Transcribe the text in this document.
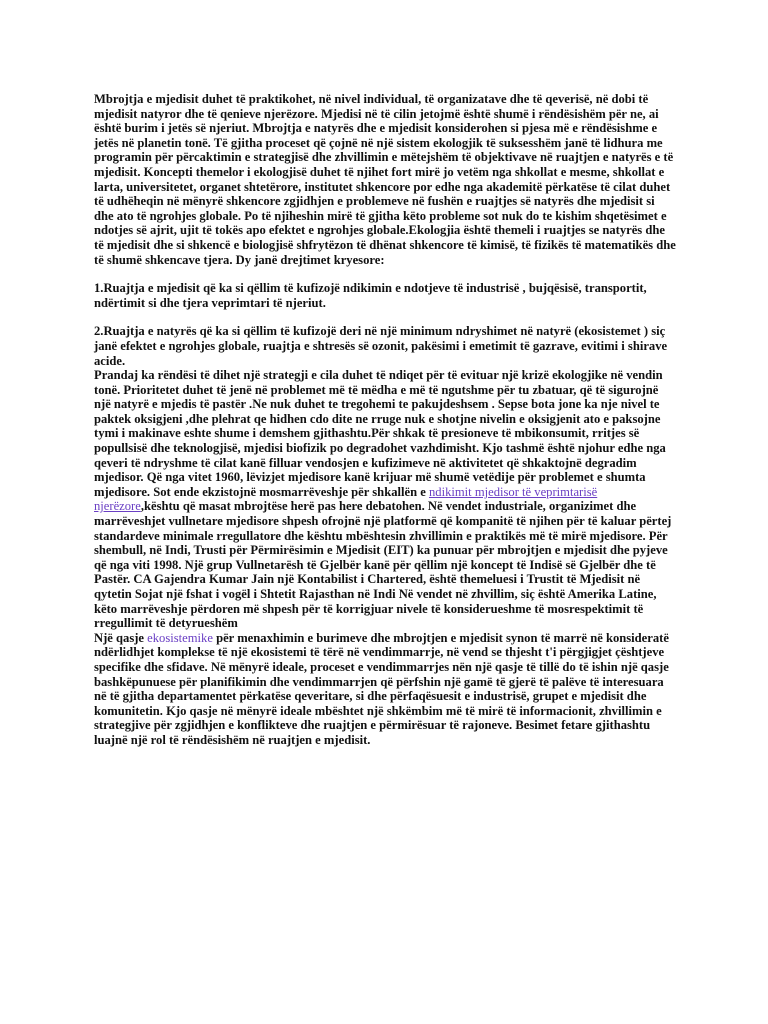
Mbrojtja e mjedisit duhet të praktikohet, në nivel individual, të organizatave dhe të qeverisë, në dobi të mjedisit natyror dhe të qenieve njerëzore. Mjedisi në të cilin jetojmë është shumë i rëndësishëm për ne, ai është burim i jetës së njeriut. Mbrojtja e natyrës dhe e mjedisit konsiderohen si pjesa më e rëndësishme e jetës në planetin tonë. Të gjitha proceset që çojnë në një sistem ekologjik të suksesshëm janë të lidhura me programin për përcaktimin e strategjisë dhe zhvillimin e mëtejshëm të objektivave në ruajtjen e natyrës e të mjedisit. Koncepti themelor i ekologjisë duhet të njihet fort mirë jo vetëm nga shkollat e mesme, shkollat e larta, universitetet, organet shtetërore, institutet shkencore por edhe nga akademitë përkatëse të cilat duhet të udhëheqin në mënyrë shkencore zgjidhjen e problemeve në fushën e ruajtjes së natyrës dhe mjedisit si dhe ato të ngrohjes globale. Po të njiheshin mirë të gjitha këto probleme sot nuk do te kishim shqetësimet e ndotjes së ajrit, ujit të tokës apo efektet e ngrohjes globale.Ekologjia është themeli i ruajtjes se natyrës dhe të mjedisit dhe si shkencë e biologjisë shfrytëzon të dhënat shkencore të kimisë, të fizikës të matematikës dhe të shumë shkencave tjera. Dy janë drejtimet kryesore:

1.Ruajtja e mjedisit që ka si qëllim të kufizojë ndikimin e ndotjeve të industrisë , bujqësisë, transportit, ndërtimit si dhe tjera veprimtari të njeriut.

2.Ruajtja e natyrës që ka si qëllim të kufizojë deri në një minimum ndryshimet në natyrë (ekosistemet ) siç janë efektet e ngrohjes globale, ruajtja e shtresës së ozonit, pakësimi i emetimit të gazrave, evitimi i shirave acide.

Prandaj ka rëndësi të dihet një strategji e cila duhet të ndiqet për të evituar një krizë ekologjike në vendin tonë. Prioritetet duhet të jenë në problemet më të mëdha e më të ngutshme për tu zbatuar, që të sigurojnë një natyrë e mjedis të pastër .Ne nuk duhet te tregohemi te pakujdeshsem . Sepse bota jone ka nje nivel te paktek oksigjeni ,dhe plehrat qe hidhen cdo dite ne rruge nuk e shotjne nivelin e oksigjenit ato e paksojne tymi i makinave eshte shume i demshem gjithashtu.Për shkak të presioneve të mbikonsumit, rritjes së popullsisë dhe teknologjisë, mjedisi biofizik po degradohet vazhdimisht. Kjo tashmë është njohur edhe nga qeveri të ndryshme të cilat kanë filluar vendosjen e kufizimeve në aktivitetet që shkaktojnë degradim mjedisor. Që nga vitet 1960, lëvizjet mjedisore kanë krijuar më shumë vetëdije për problemet e shumta mjedisore. Sot ende ekzistojnë mosmarrëveshje për shkallën e ndikimit mjedisor të veprimtarisë njerëzore,kështu që masat mbrojtëse herë pas here debatohen. Në vendet industriale, organizimet dhe marrëveshjet vullnetare mjedisore shpesh ofrojnë një platformë që kompanitë të njihen për të kaluar përtej standardeve minimale rregullatore dhe kështu mbështesin zhvillimin e praktikës më të mirë mjedisore. Për shembull, në Indi, Trusti për Përmirësimin e Mjedisit (EIT) ka punuar për mbrojtjen e mjedisit dhe pyjeve që nga viti 1998. Një grup Vullnetarësh të Gjelbër kanë për qëllim një koncept të Indisë së Gjelbër dhe të Pastër. CA Gajendra Kumar Jain një Kontabilist i Chartered, është themeluesi i Trustit të Mjedisit në qytetin Sojat një fshat i vogël i Shtetit Rajasthan në Indi Në vendet në zhvillim, siç është Amerika Latine, këto marrëveshje përdoren më shpesh për të korrigjuar nivele të konsiderueshme të mosrespektimit të rregullimit të detyrueshëm

Një qasje ekosistemike për menaxhimin e burimeve dhe mbrojtjen e mjedisit synon të marrë në konsideratë ndërlidhjet komplekse të një ekosistemi të tërë në vendimmarrje, në vend se thjesht t'i përgjigjet çështjeve specifike dhe sfidave. Në mënyrë ideale, proceset e vendimmarrjes nën një qasje të tillë do të ishin një qasje bashkëpunuese për planifikimin dhe vendimmarrjen që përfshin një gamë të gjerë të palëve të interesuara në të gjitha departamentet përkatëse qeveritare, si dhe përfaqësuesit e industrisë, grupet e mjedisit dhe komunitetin. Kjo qasje në mënyrë ideale mbështet një shkëmbim më të mirë të informacionit, zhvillimin e strategjive për zgjidhjen e konflikteve dhe ruajtjen e përmirësuar të rajoneve. Besimet fetare gjithashtu luajnë një rol të rëndësishëm në ruajtjen e mjedisit.
